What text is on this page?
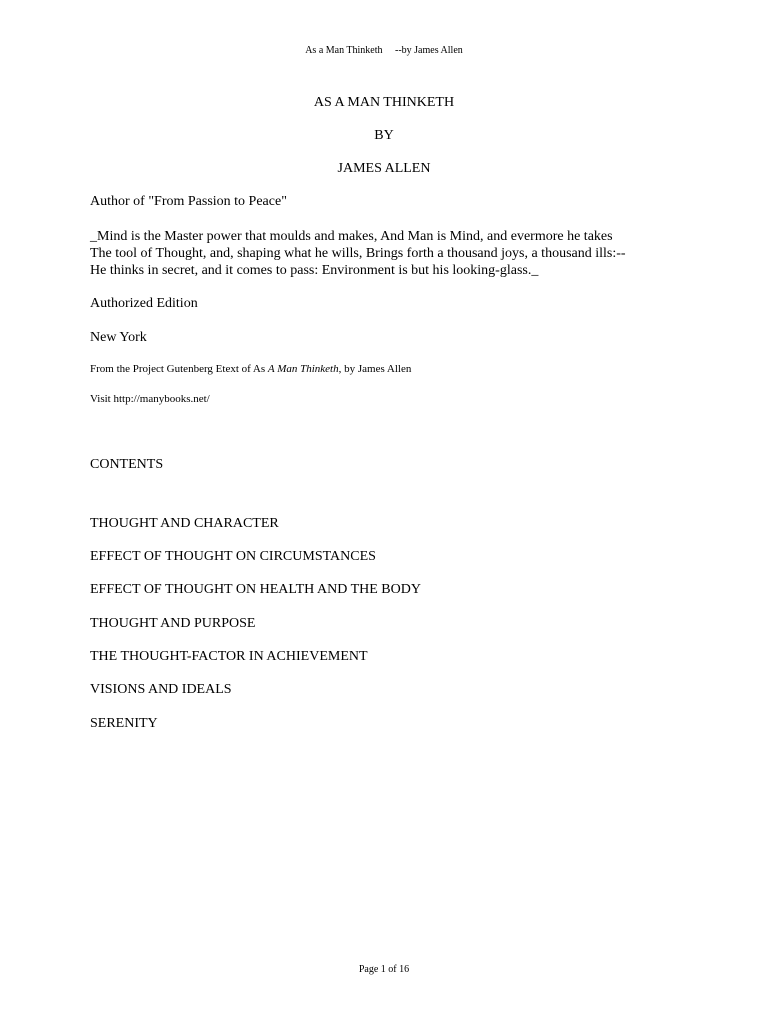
As a Man Thinketh     --by James Allen
AS A MAN THINKETH
BY
JAMES ALLEN
Author of "From Passion to Peace"
_Mind is the Master power that moulds and makes, And Man is Mind, and evermore he takes
The tool of Thought, and, shaping what he wills, Brings forth a thousand joys, a thousand ills:--
He thinks in secret, and it comes to pass: Environment is but his looking-glass._
Authorized Edition
New York
From the Project Gutenberg Etext of As A Man Thinketh, by James Allen
Visit http://manybooks.net/
CONTENTS
THOUGHT AND CHARACTER
EFFECT OF THOUGHT ON CIRCUMSTANCES
EFFECT OF THOUGHT ON HEALTH AND THE BODY
THOUGHT AND PURPOSE
THE THOUGHT-FACTOR IN ACHIEVEMENT
VISIONS AND IDEALS
SERENITY
Page 1 of 16
